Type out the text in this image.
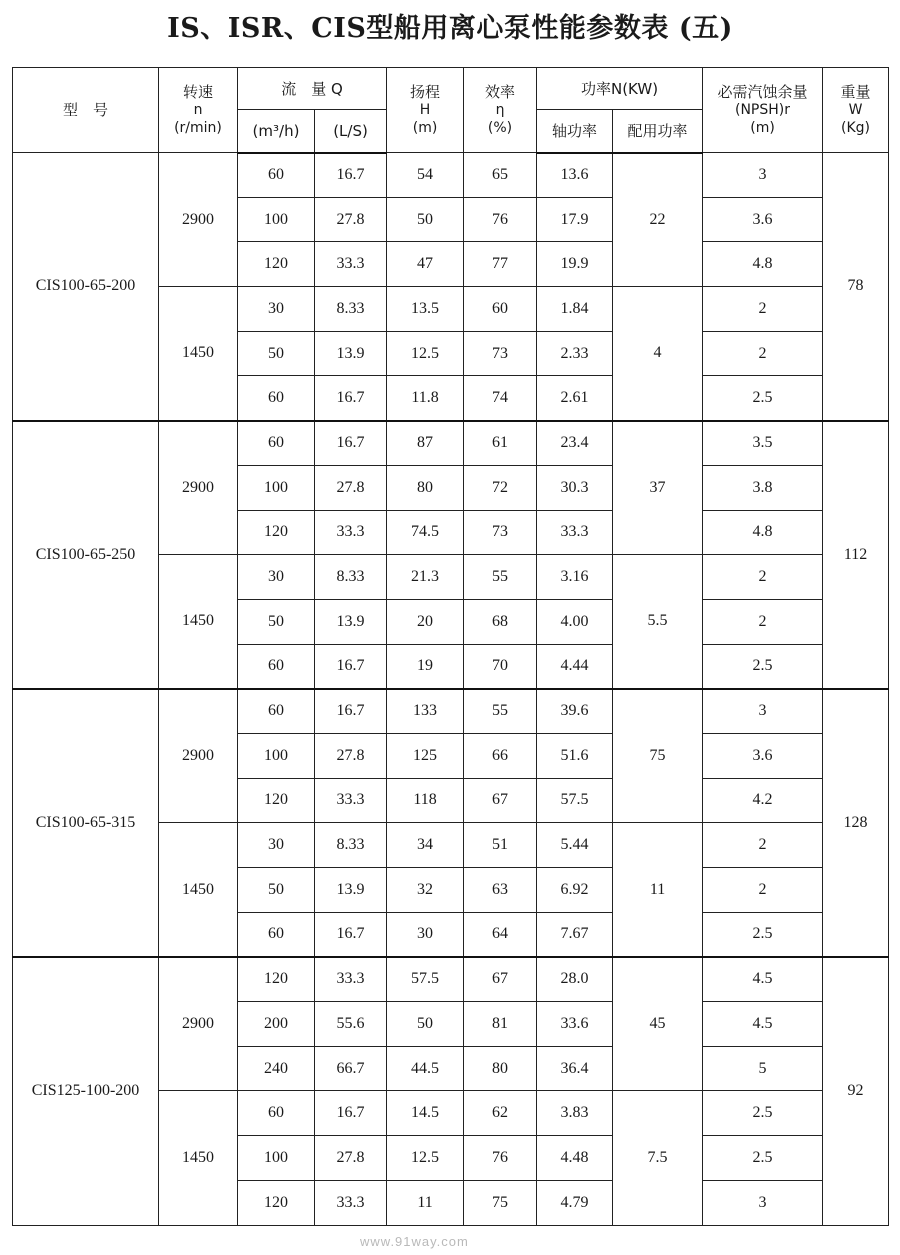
IS、ISR、CIS型船用离心泵性能参数表 (五)
型　号	转速
n
(r/min)	流　量 Q		扬程
H
(m)	效率
η
(%)	功率N(KW)		必需汽蚀余量
(NPSH)r
(m)	重量
W
(Kg)

		(m³/h)	(L/S)			轴功率	配用功率		
CIS100-65-200	2900	60	16.7	54	65	13.6	22	3	78
		100	27.8	50	76	17.9		3.6	
		120	33.3	47	77	19.9		4.8	
	1450	30	8.33	13.5	60	1.84	4	2	
		50	13.9	12.5	73	2.33		2	
		60	16.7	11.8	74	2.61		2.5	
CIS100-65-250	2900	60	16.7	87	61	23.4	37	3.5	112
		100	27.8	80	72	30.3		3.8	
		120	33.3	74.5	73	33.3		4.8	
	1450	30	8.33	21.3	55	3.16	5.5	2	
		50	13.9	20	68	4.00		2	
		60	16.7	19	70	4.44		2.5	
CIS100-65-315	2900	60	16.7	133	55	39.6	75	3	128
		100	27.8	125	66	51.6		3.6	
		120	33.3	118	67	57.5		4.2	
	1450	30	8.33	34	51	5.44	11	2	
		50	13.9	32	63	6.92		2	
		60	16.7	30	64	7.67		2.5	
CIS125-100-200	2900	120	33.3	57.5	67	28.0	45	4.5	92
		200	55.6	50	81	33.6		4.5	
		240	66.7	44.5	80	36.4		5	
	1450	60	16.7	14.5	62	3.83	7.5	2.5	
		100	27.8	12.5	76	4.48		2.5	
		120	33.3	11	75	4.79		3	
www.91way.com
